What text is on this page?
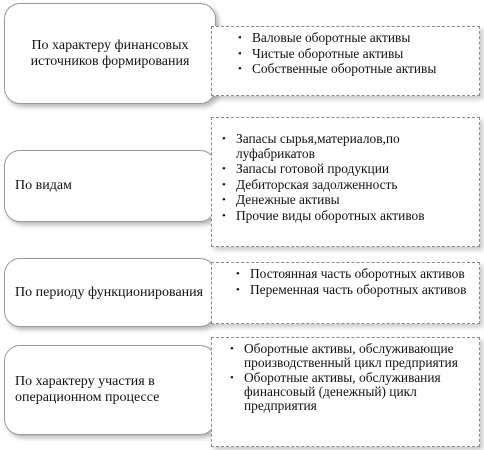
По характеру финансовых источников формирования
• Валовые оборотные активы
• Чистые оборотные активы
• Собственные оборотные активы
По видам
• Запасы сырья,материалов,по луфабрикатов
• Запасы готовой продукции
• Дебиторская задолженность
• Денежные активы
• Прочие виды оборотных активов
По периоду функционирования
• Постоянная часть оборотных активов
• Переменная часть оборотных активов
По характеру участия в операционном процессе
• Оборотные активы, обслуживающие производственный цикл предприятия
• Оборотные активы, обслуживания финансовый (денежный) цикл предприятия
